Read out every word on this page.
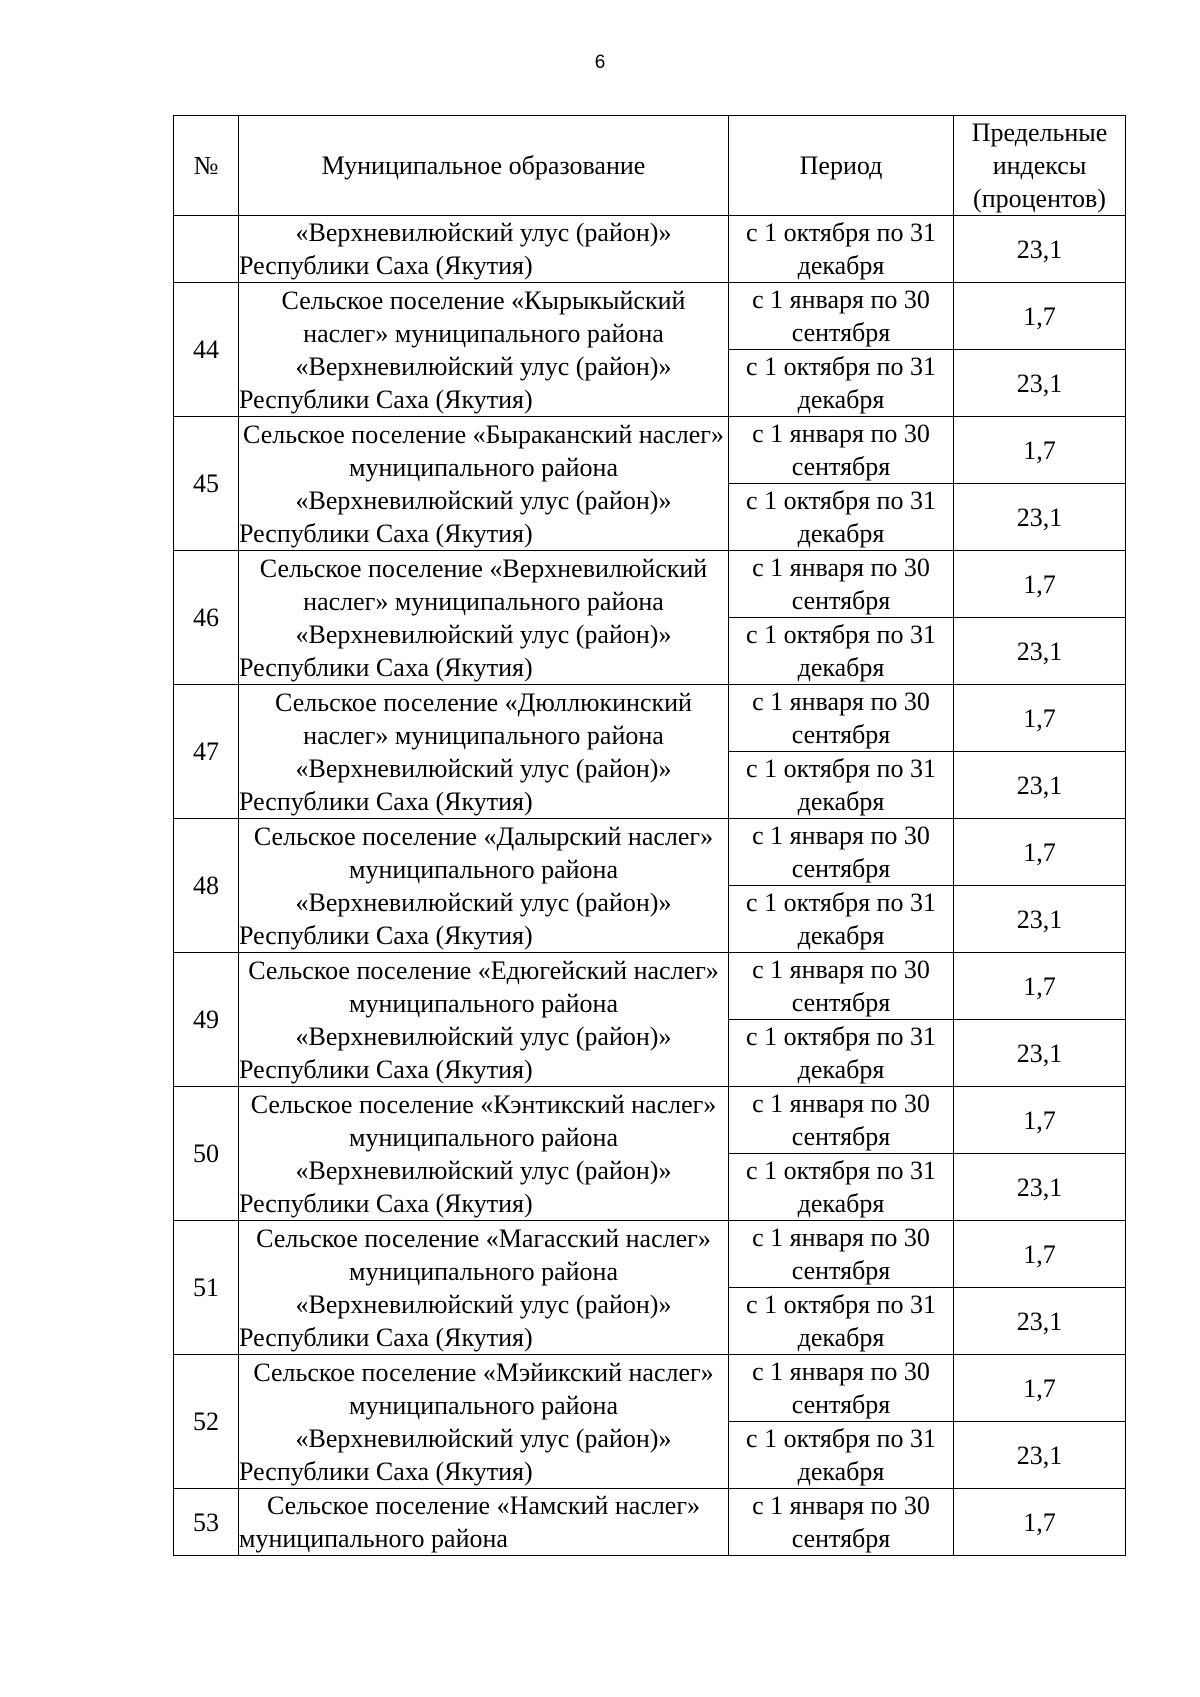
6
№	Муниципальное образование	Период	Предельные индексы (процентов)
	«Верхневилюйский улус (район)» Республики Саха (Якутия)	с 1 октября по 31 декабря	23,1
44	Сельское поселение «Кырыкыйский наслег» муниципального района «Верхневилюйский улус (район)» Республики Саха (Якутия)	с 1 января по 30 сентября	1,7
		с 1 октября по 31 декабря	23,1
45	Сельское поселение «Бырaканский наслег» муниципального района «Верхневилюйский улус (район)» Республики Саха (Якутия)	с 1 января по 30 сентября	1,7
		с 1 октября по 31 декабря	23,1
46	Сельское поселение «Верхневилюйский наслег» муниципального района «Верхневилюйский улус (район)» Республики Саха (Якутия)	с 1 января по 30 сентября	1,7
		с 1 октября по 31 декабря	23,1
47	Сельское поселение «Дюллюкинский наслег» муниципального района «Верхневилюйский улус (район)» Республики Саха (Якутия)	с 1 января по 30 сентября	1,7
		с 1 октября по 31 декабря	23,1
48	Сельское поселение «Далырский наслег» муниципального района «Верхневилюйский улус (район)» Республики Саха (Якутия)	с 1 января по 30 сентября	1,7
		с 1 октября по 31 декабря	23,1
49	Сельское поселение «Едюгейский наслег» муниципального района «Верхневилюйский улус (район)» Республики Саха (Якутия)	с 1 января по 30 сентября	1,7
		с 1 октября по 31 декабря	23,1
50	Сельское поселение «Кэнтикский наслег» муниципального района «Верхневилюйский улус (район)» Республики Саха (Якутия)	с 1 января по 30 сентября	1,7
		с 1 октября по 31 декабря	23,1
51	Сельское поселение «Магасский наслег» муниципального района «Верхневилюйский улус (район)» Республики Саха (Якутия)	с 1 января по 30 сентября	1,7
		с 1 октября по 31 декабря	23,1
52	Сельское поселение «Мэйикский наслег» муниципального района «Верхневилюйский улус (район)» Республики Саха (Якутия)	с 1 января по 30 сентября	1,7
		с 1 октября по 31 декабря	23,1
53	Сельское поселение «Намский наслег» муниципального района	с 1 января по 30 сентября	1,7
